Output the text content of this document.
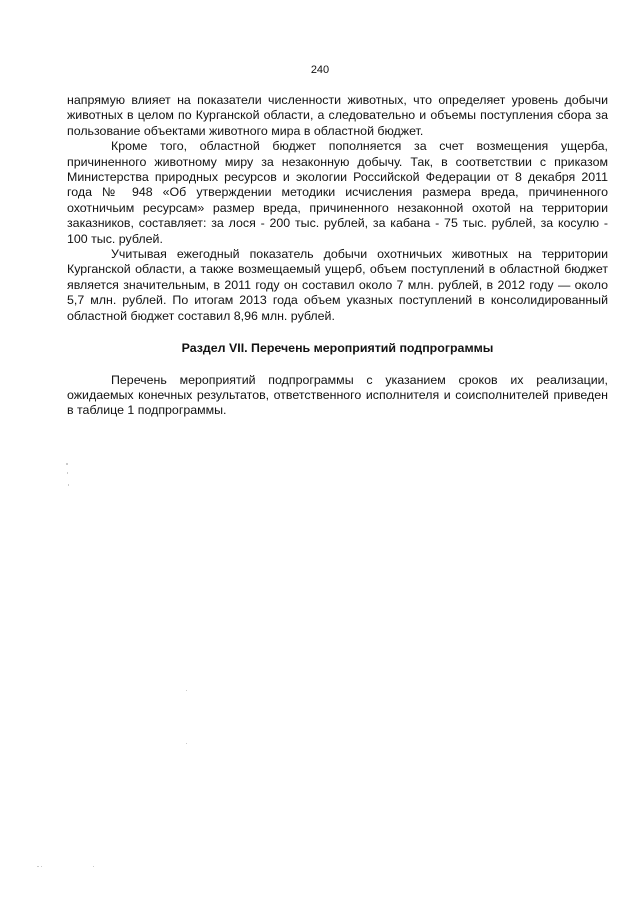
240

напрямую влияет на показатели численности животных, что определяет уровень добычи животных в целом по Курганской области, а следовательно и объемы поступления сбора за пользование объектами животного мира в областной бюджет.

Кроме того, областной бюджет пополняется за счет возмещения ущерба, причиненного животному миру за незаконную добычу. Так, в соответствии с приказом Министерства природных ресурсов и экологии Российской Федерации от 8 декабря 2011 года № 948 «Об утверждении методики исчисления размера вреда, причиненного охотничьим ресурсам» размер вреда, причиненного незаконной охотой на территории заказников, составляет: за лося - 200 тыс. рублей, за кабана - 75 тыс. рублей, за косулю - 100 тыс. рублей.

Учитывая ежегодный показатель добычи охотничьих животных на территории Курганской области, а также возмещаемый ущерб, объем поступлений в областной бюджет является значительным, в 2011 году он составил около 7 млн. рублей, в 2012 году — около 5,7 млн. рублей. По итогам 2013 года объем указных поступлений в консолидированный областной бюджет составил 8,96 млн. рублей.

Раздел VII. Перечень мероприятий подпрограммы

Перечень мероприятий подпрограммы с указанием сроков их реализации, ожидаемых конечных результатов, ответственного исполнителя и соисполнителей приведен в таблице 1 подпрограммы.
